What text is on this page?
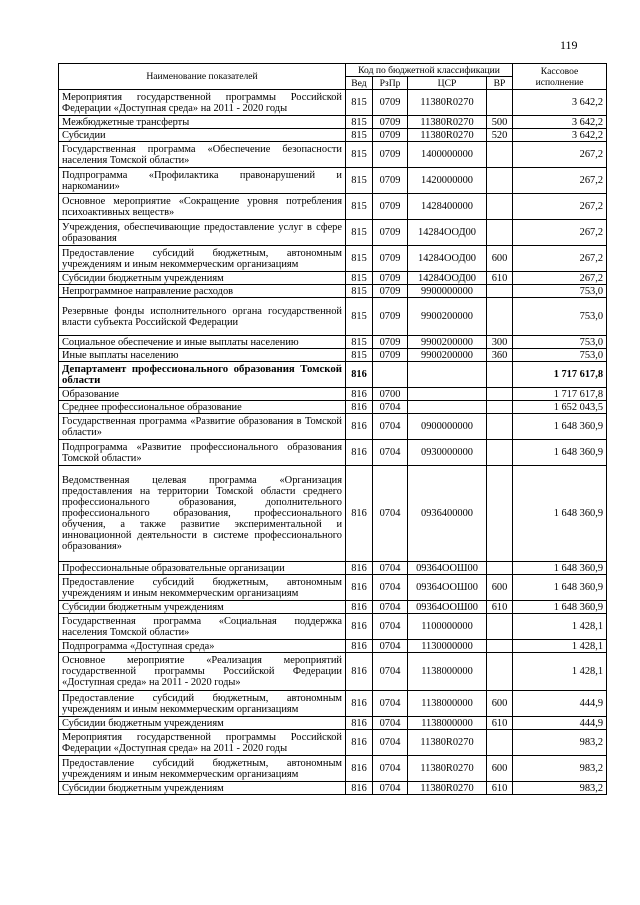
119
Наименование показателей	Код по бюджетной классификации				Кассовое исполнение
	Вед	РзПр	ЦСР	ВР	
Мероприятия государственной программы Российской Федерации «Доступная среда» на 2011 - 2020 годы	815	0709	11380R0270		3 642,2
Межбюджетные трансферты	815	0709	11380R0270	500	3 642,2
Субсидии	815	0709	11380R0270	520	3 642,2
Государственная программа «Обеспечение безопасности населения Томской области»	815	0709	1400000000		267,2
Подпрограмма «Профилактика правонарушений и наркомании»	815	0709	1420000000		267,2
Основное мероприятие «Сокращение уровня потребления психоактивных веществ»	815	0709	1428400000		267,2
Учреждения, обеспечивающие предоставление услуг в сфере образования	815	0709	14284ООД00		267,2
Предоставление субсидий бюджетным, автономным учреждениям и иным некоммерческим организациям	815	0709	14284ООД00	600	267,2
Субсидии бюджетным учреждениям	815	0709	14284ООД00	610	267,2
Непрограммное направление расходов	815	0709	9900000000		753,0
Резервные фонды исполнительного органа государственной власти субъекта Российской Федерации	815	0709	9900200000		753,0
Социальное обеспечение и иные выплаты населению	815	0709	9900200000	300	753,0
Иные выплаты населению	815	0709	9900200000	360	753,0
Департамент профессионального образования Томской области	816				1 717 617,8
Образование	816	0700			1 717 617,8
Среднее профессиональное образование	816	0704			1 652 043,5
Государственная программа «Развитие образования в Томской области»	816	0704	0900000000		1 648 360,9
Подпрограмма «Развитие профессионального образования Томской области»	816	0704	0930000000		1 648 360,9
Ведомственная целевая программа «Организация предоставления на территории Томской области среднего профессионального образования, дополнительного профессионального образования, профессионального обучения, а также развитие экспериментальной и инновационной деятельности в системе профессионального образования»	816	0704	0936400000		1 648 360,9
Профессиональные образовательные организации	816	0704	09364ООШ00		1 648 360,9
Предоставление субсидий бюджетным, автономным учреждениям и иным некоммерческим организациям	816	0704	09364ООШ00	600	1 648 360,9
Субсидии бюджетным учреждениям	816	0704	09364ООШ00	610	1 648 360,9
Государственная программа «Социальная поддержка населения Томской области»	816	0704	1100000000		1 428,1
Подпрограмма «Доступная среда»	816	0704	1130000000		1 428,1
Основное мероприятие «Реализация мероприятий государственной программы Российской Федерации «Доступная среда» на 2011 - 2020 годы»	816	0704	1138000000		1 428,1
Предоставление субсидий бюджетным, автономным учреждениям и иным некоммерческим организациям	816	0704	1138000000	600	444,9
Субсидии бюджетным учреждениям	816	0704	1138000000	610	444,9
Мероприятия государственной программы Российской Федерации «Доступная среда» на 2011 - 2020 годы	816	0704	11380R0270		983,2
Предоставление субсидий бюджетным, автономным учреждениям и иным некоммерческим организациям	816	0704	11380R0270	600	983,2
Субсидии бюджетным учреждениям	816	0704	11380R0270	610	983,2
